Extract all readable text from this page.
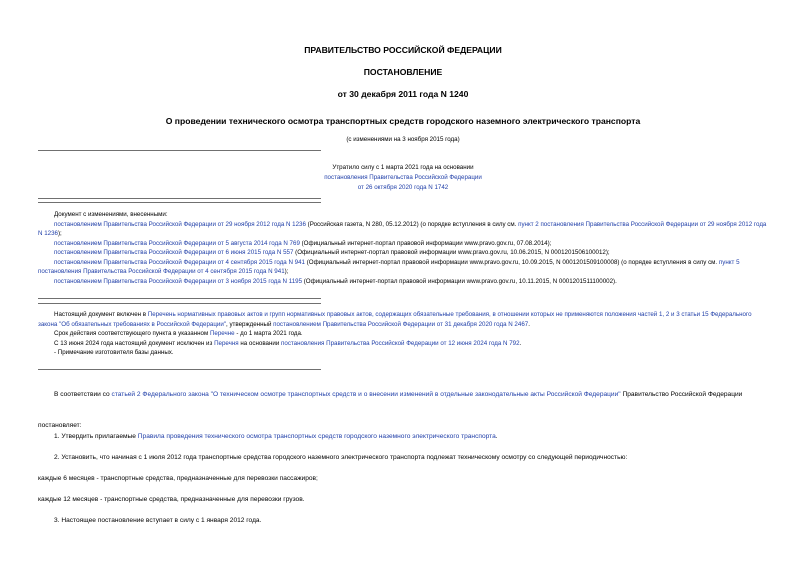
ПРАВИТЕЛЬСТВО РОССИЙСКОЙ ФЕДЕРАЦИИ
ПОСТАНОВЛЕНИЕ
от 30 декабря 2011 года N 1240
О проведении технического осмотра транспортных средств городского наземного электрического транспорта
(с изменениями на 3 ноября 2015 года)
Утратило силу с 1 марта 2021 года на основании
постановления Правительства Российской Федерации
от 26 октября 2020 года N 1742

Документ с изменениями, внесенными:

постановлением Правительства Российской Федерации от 29 ноября 2012 года N 1236 (Российская газета, N 280, 05.12.2012) (о порядке вступления в силу см. пункт 2 постановления Правительства Российской Федерации от 29 ноября 2012 года N 1236);

постановлением Правительства Российской Федерации от 5 августа 2014 года N 769 (Официальный интернет-портал правовой информации www.pravo.gov.ru, 07.08.2014);

постановлением Правительства Российской Федерации от 6 июня 2015 года N 557 (Официальный интернет-портал правовой информации www.pravo.gov.ru, 10.06.2015, N 0001201506100012);

постановлением Правительства Российской Федерации от 4 сентября 2015 года N 941 (Официальный интернет-портал правовой информации www.pravo.gov.ru, 10.09.2015, N 0001201509100008) (о порядке вступления в силу см. пункт 5 постановления Правительства Российской Федерации от 4 сентября 2015 года N 941);

постановлением Правительства Российской Федерации от 3 ноября 2015 года N 1195 (Официальный интернет-портал правовой информации www.pravo.gov.ru, 10.11.2015, N 0001201511100002).

Настоящий документ включен в Перечень нормативных правовых актов и групп нормативных правовых актов, содержащих обязательные требования, в отношении которых не применяются положения частей 1, 2 и 3 статьи 15 Федерального закона "Об обязательных требованиях в Российской Федерации", утвержденный постановлением Правительства Российской Федерации от 31 декабря 2020 года N 2467.

Срок действия соответствующего пункта в указанном Перечне - до 1 марта 2021 года.

С 13 июня 2024 года настоящий документ исключен из Перечня на основании постановления Правительства Российской Федерации от 12 июня 2024 года N 792.

- Примечание изготовителя базы данных.

В соответствии со статьей 2 Федерального закона "О техническом осмотре транспортных средств и о внесении изменений в отдельные законодательные акты Российской Федерации" Правительство Российской Федерации

постановляет:

1. Утвердить прилагаемые Правила проведения технического осмотра транспортных средств городского наземного электрического транспорта.

2. Установить, что начиная с 1 июля 2012 года транспортные средства городского наземного электрического транспорта подлежат техническому осмотру со следующей периодичностью:
каждые 6 месяцев - транспортные средства, предназначенные для перевозки пассажиров;
каждые 12 месяцев - транспортные средства, предназначенные для перевозки грузов.
3. Настоящее постановление вступает в силу с 1 января 2012 года.
